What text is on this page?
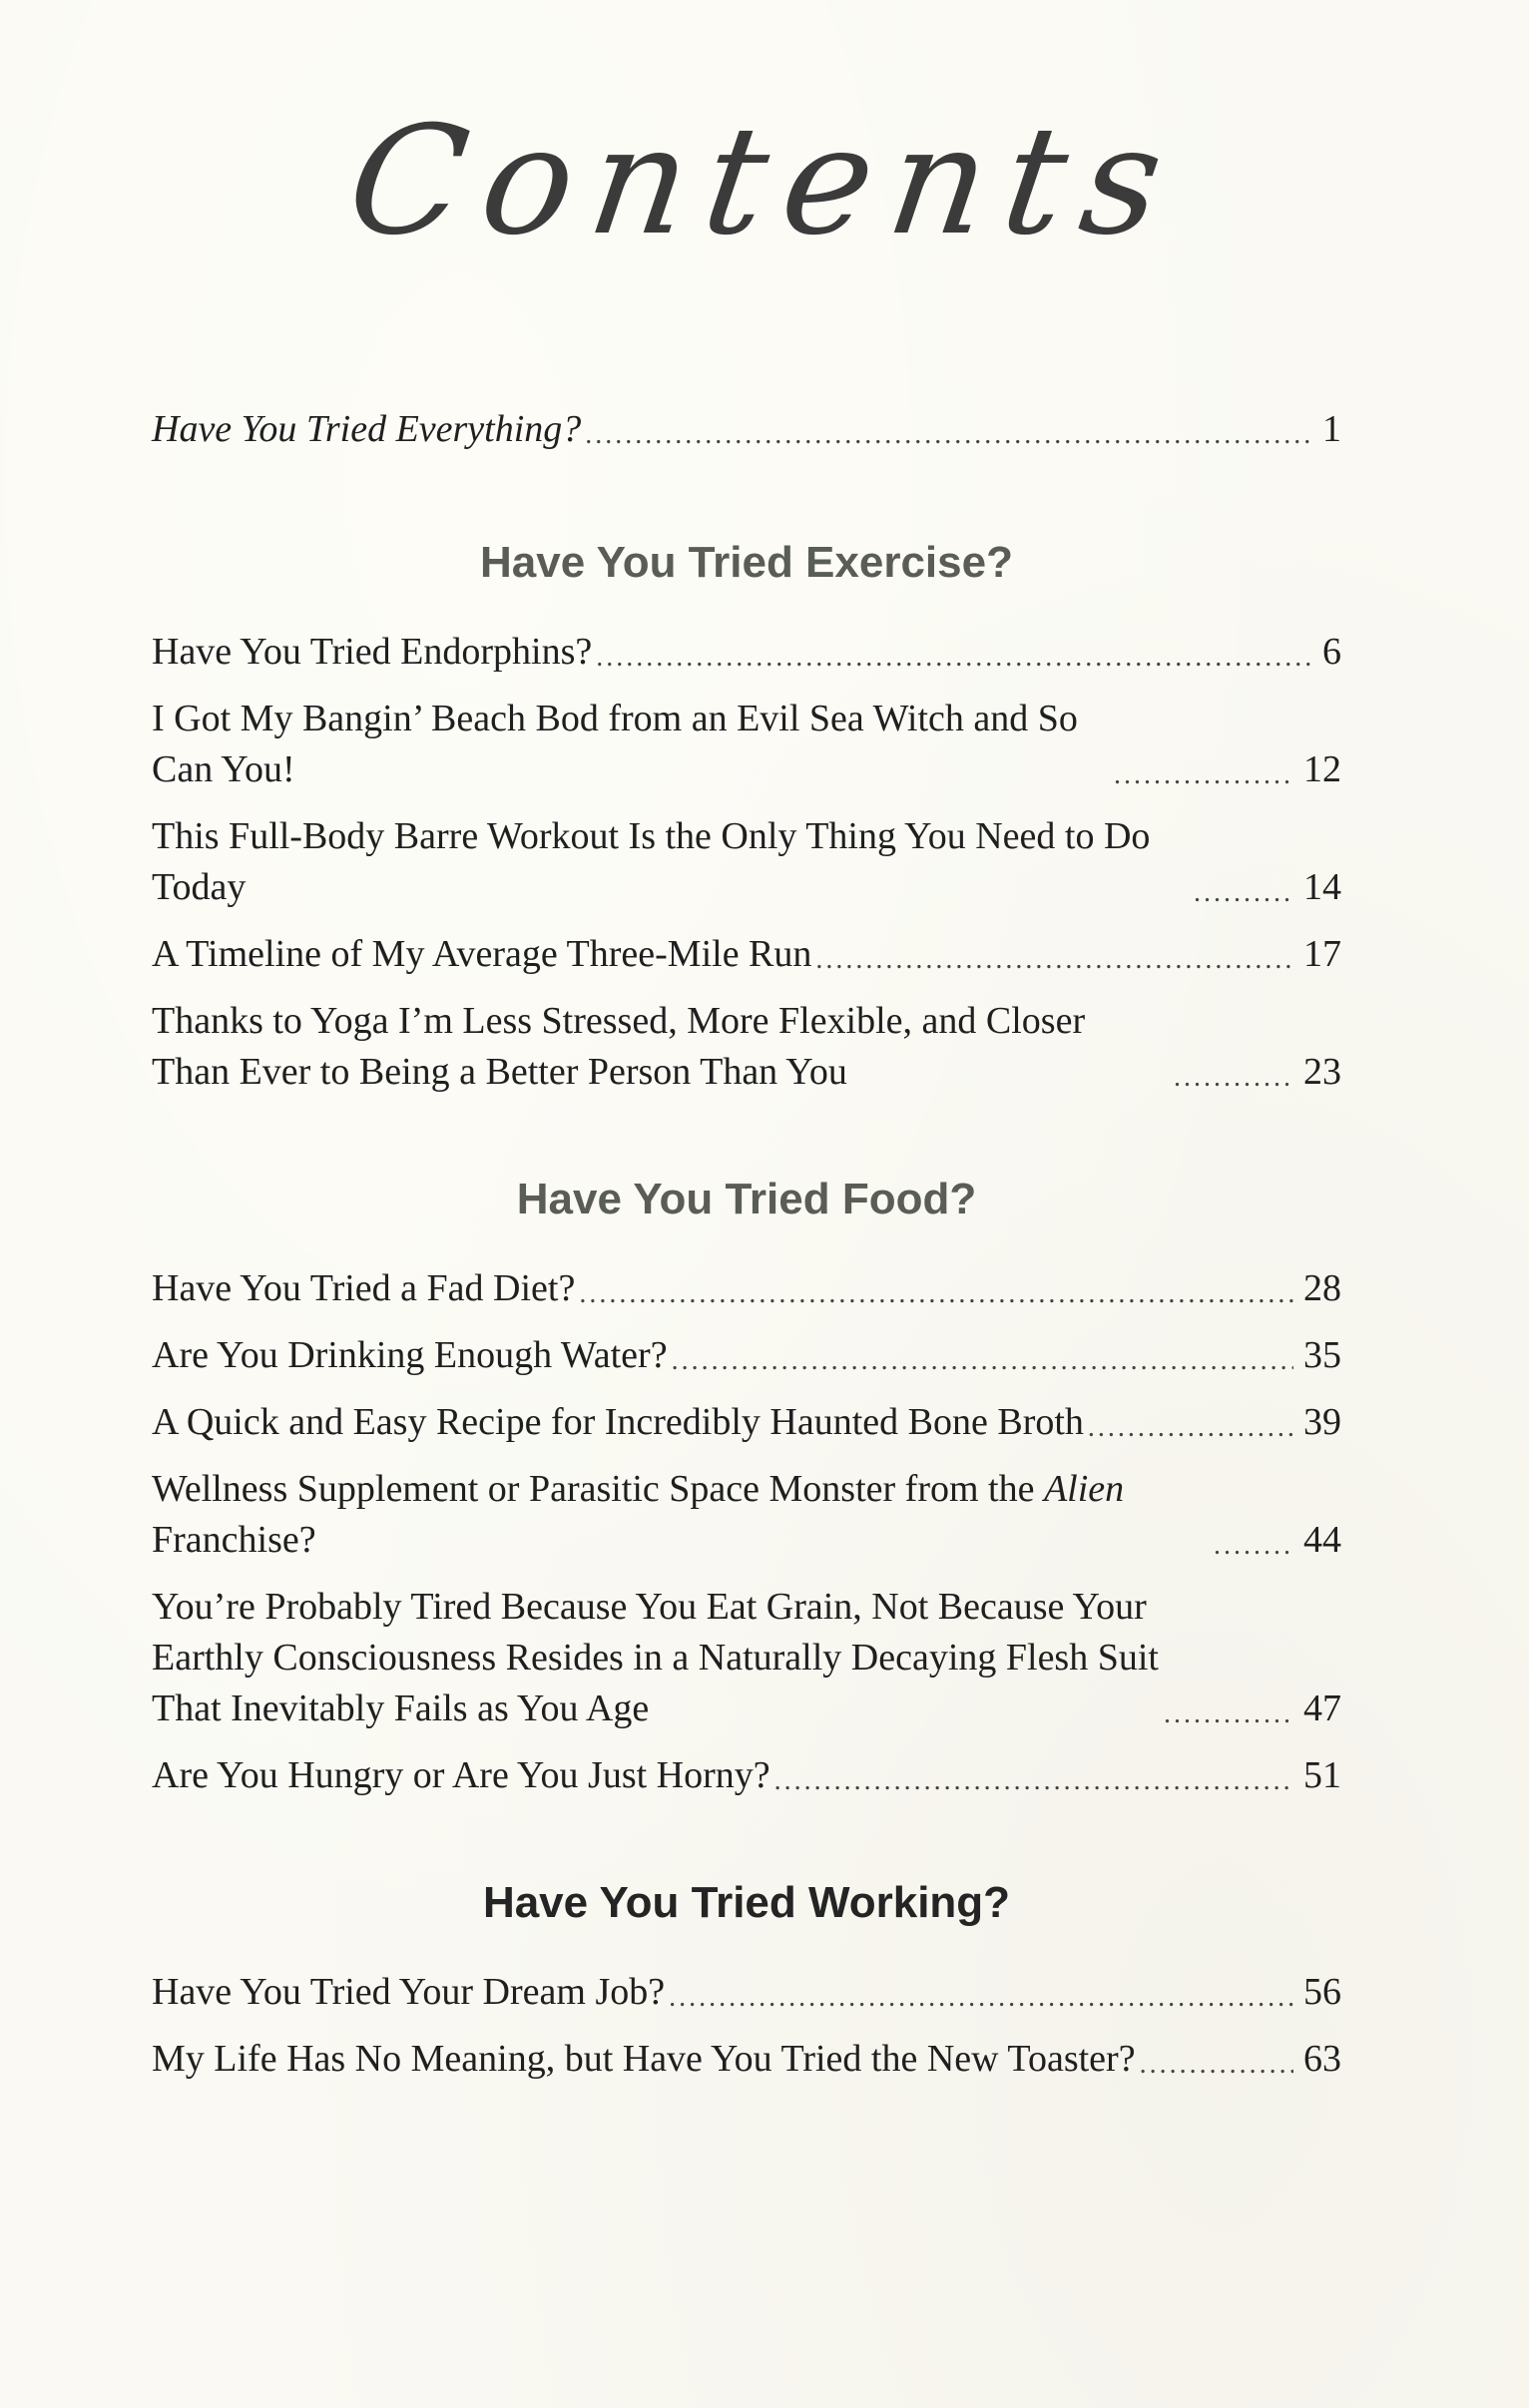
Contents
Have You Tried Everything? .....	1
Have You Tried Exercise?
Have You Tried Endorphins? .....	6
I Got My Bangin’ Beach Bod from an Evil Sea Witch and So Can You! .....	12
This Full-Body Barre Workout Is the Only Thing You Need to Do Today .....	14
A Timeline of My Average Three-Mile Run .....	17
Thanks to Yoga I’m Less Stressed, More Flexible, and Closer Than Ever to Being a Better Person Than You .....	23
Have You Tried Food?
Have You Tried a Fad Diet? .....	28
Are You Drinking Enough Water? .....	35
A Quick and Easy Recipe for Incredibly Haunted Bone Broth .....	39
Wellness Supplement or Parasitic Space Monster from the Alien Franchise? .....	44
You’re Probably Tired Because You Eat Grain, Not Because Your Earthly Consciousness Resides in a Naturally Decaying Flesh Suit That Inevitably Fails as You Age .....	47
Are You Hungry or Are You Just Horny? .....	51
Have You Tried Working?
Have You Tried Your Dream Job? .....	56
My Life Has No Meaning, but Have You Tried the New Toaster? .....	63
